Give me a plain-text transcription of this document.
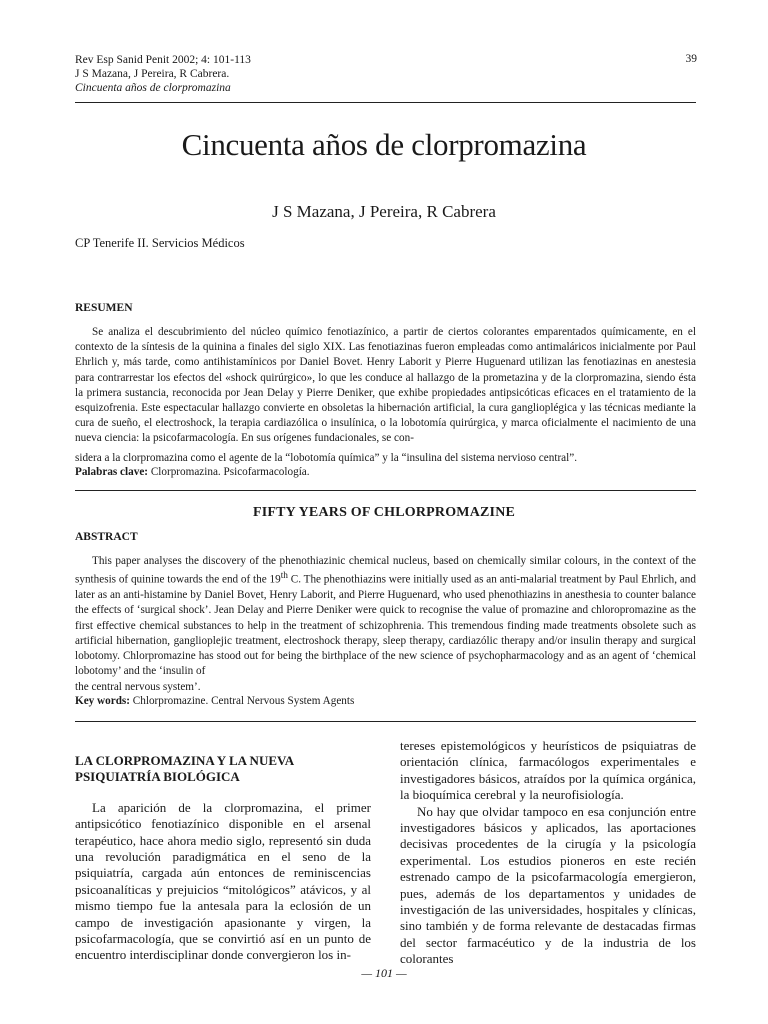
Rev Esp Sanid Penit 2002; 4: 101-113
J S Mazana, J Pereira, R Cabrera.
Cincuenta años de clorpromazina
39
Cincuenta años de clorpromazina
J S Mazana, J Pereira, R Cabrera
CP Tenerife II. Servicios Médicos
RESUMEN
Se analiza el descubrimiento del núcleo químico fenotiazínico, a partir de ciertos colorantes emparentados químicamente, en el contexto de la síntesis de la quinina a finales del siglo XIX. Las fenotiazinas fueron empleadas como antimaláricos inicialmente por Paul Ehrlich y, más tarde, como antihistamínicos por Daniel Bovet. Henry Laborit y Pierre Huguenard utilizan las fenotiazinas en anestesia para contrarrestar los efectos del «shock quirúrgico», lo que les conduce al hallazgo de la prometazina y de la clorpromazina, siendo ésta la primera sustancia, reconocida por Jean Delay y Pierre Deniker, que exhibe propiedades antipsicóticas eficaces en el tratamiento de la esquizofrenia. Este espectacular hallazgo convierte en obsoletas la hibernación artificial, la cura ganglioplégica y las técnicas mediante la cura de sueño, el electroshock, la terapia cardiazólica o insulínica, o la lobotomía quirúrgica, y marca oficialmente el nacimiento de una nueva ciencia: la psicofarmacología. En sus orígenes fundacionales, se con-
sidera a la clorpromazina como el agente de la “lobotomía química” y la “insulina del sistema nervioso central”.
Palabras clave: Clorpromazina. Psicofarmacología.
FIFTY YEARS OF CHLORPROMAZINE
ABSTRACT
This paper analyses the discovery of the phenothiazinic chemical nucleus, based on chemically similar colours, in the context of the synthesis of quinine towards the end of the 19th C. The phenothiazins were initially used as an anti-malarial treatment by Paul Ehrlich, and later as an anti-histamine by Daniel Bovet, Henry Laborit, and Pierre Huguenard, who used phenothiazins in anesthesia to counter balance the effects of ‘surgical shock’. Jean Delay and Pierre Deniker were quick to recognise the value of promazine and chloropromazine as the first effective chemical substances to help in the treatment of schizophrenia. This tremendous finding made treatments obsolete such as artificial hibernation, ganglioplejic treatment, electroshock therapy, sleep therapy, cardiazólic therapy and/or insulin therapy and surgical lobotomy. Chlorpromazine has stood out for being the birthplace of the new science of psychopharmacology and as an agent of ‘chemical lobotomy’ and the ‘insulin of
the central nervous system’.
Key words: Chlorpromazine. Central Nervous System Agents
LA CLORPROMAZINA Y LA NUEVA PSIQUIATRÍA BIOLÓGICA

La aparición de la clorpromazina, el primer antipsicótico fenotiazínico disponible en el arsenal terapéutico, hace ahora medio siglo, representó sin duda una revolución paradigmática en el seno de la psiquiatría, cargada aún entonces de reminiscencias psicoanalíticas y prejuicios “mitológicos” atávicos, y al mismo tiempo fue la antesala para la eclosión de un campo de investigación apasionante y virgen, la psicofarmacología, que se convirtió así en un punto de encuentro interdisciplinar donde convergieron los in-

tereses epistemológicos y heurísticos de psiquiatras de orientación clínica, farmacólogos experimentales e investigadores básicos, atraídos por la química orgánica, la bioquímica cerebral y la neurofisiología.

No hay que olvidar tampoco en esa conjunción entre investigadores básicos y aplicados, las aportaciones decisivas procedentes de la cirugía y la psicología experimental. Los estudios pioneros en este recién estrenado campo de la psicofarmacología emergieron, pues, además de los departamentos y unidades de investigación de las universidades, hospitales y clínicas, sino también y de forma relevante de destacadas firmas del sector farmacéutico y de la industria de los colorantes

— 101 —
